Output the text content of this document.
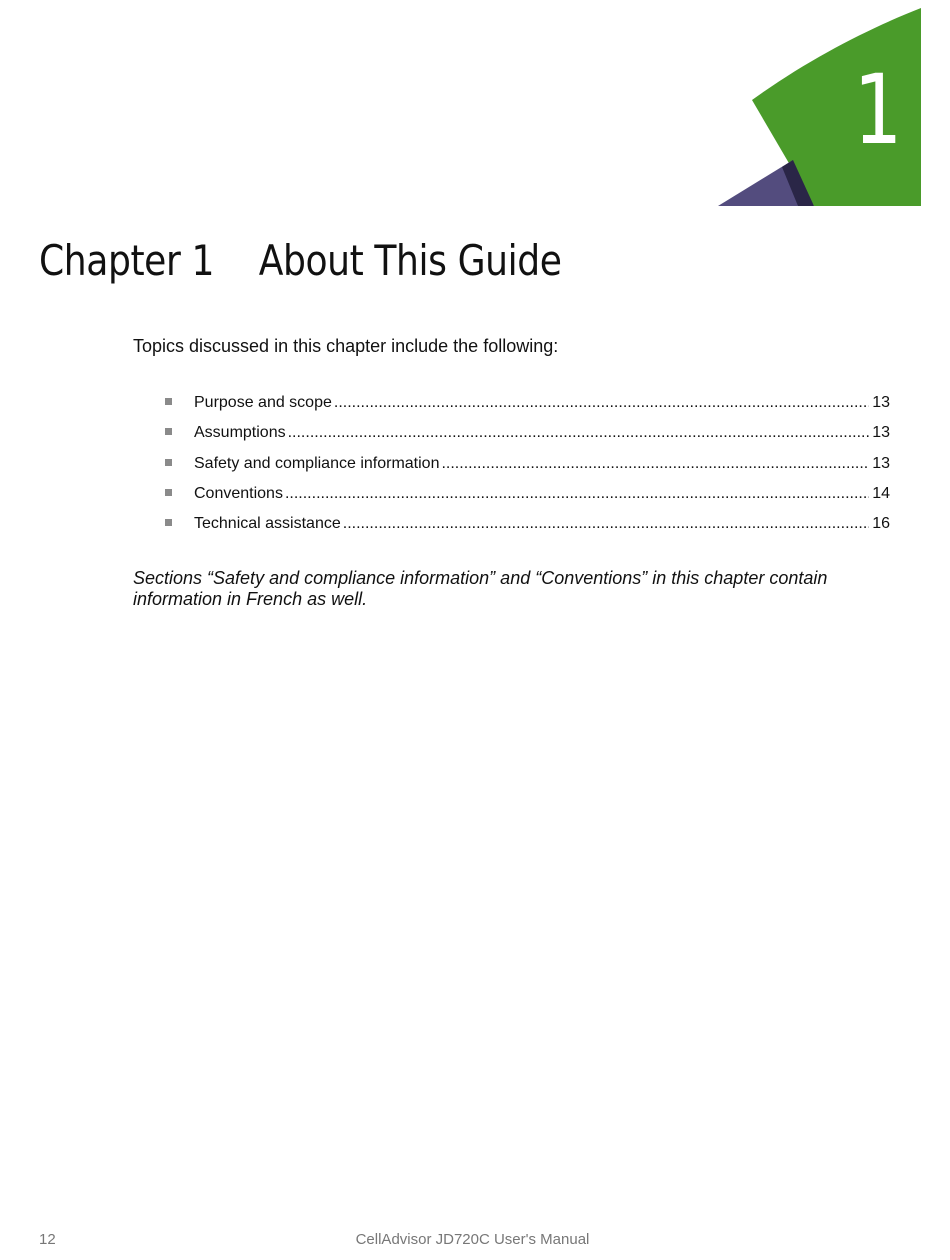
1
Chapter 1 About This Guide

Topics discussed in this chapter include the following:

Purpose and scope .....	13
Assumptions .....	13
Safety and compliance information .....	13
Conventions .....	14
Technical assistance .....	16

Sections “Safety and compliance information” and “Conventions” in this chapter contain information in French as well.

12	CellAdvisor JD720C User's Manual
